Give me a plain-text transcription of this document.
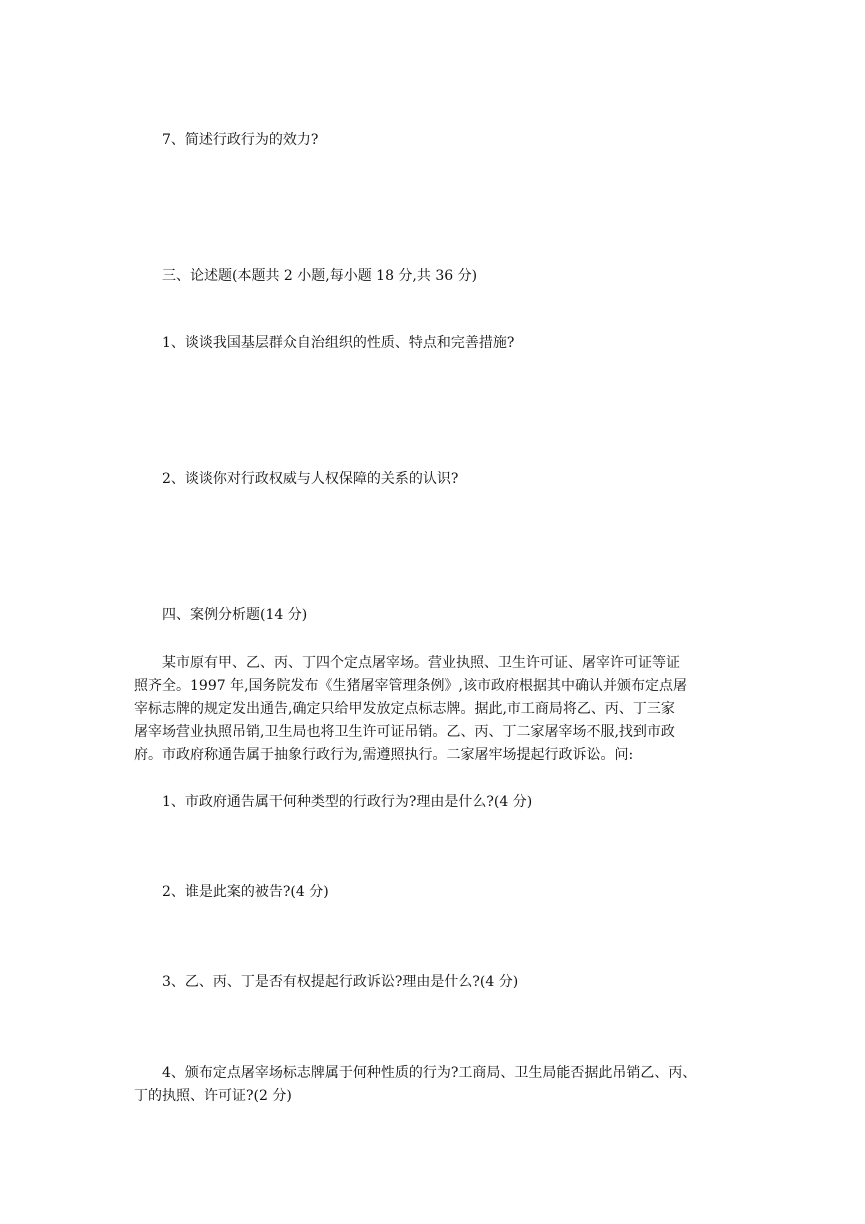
7、简述行政行为的效力?
三、论述题(本题共 2 小题,每小题 18 分,共 36 分)
1、谈谈我国基层群众自治组织的性质、特点和完善措施?
2、谈谈你对行政权威与人权保障的关系的认识?
四、案例分析题(14 分)
某市原有甲、乙、丙、丁四个定点屠宰场。营业执照、卫生许可证、屠宰许可证等证
照齐全。1997 年,国务院发布《生猪屠宰管理条例》,该市政府根据其中确认并颁布定点屠
宰标志牌的规定发出通告,确定只给甲发放定点标志牌。据此,市工商局将乙、丙、丁三家
屠宰场营业执照吊销,卫生局也将卫生许可证吊销。乙、丙、丁二家屠宰场不服,找到市政
府。市政府称通告属于抽象行政行为,需遵照执行。二家屠牢场提起行政诉讼。问:
1、市政府通告属干何种类型的行政行为?理由是什么?(4 分)
2、谁是此案的被告?(4 分)
3、乙、丙、丁是否有权提起行政诉讼?理由是什么?(4 分)
4、颁布定点屠宰场标志牌属于何种性质的行为?工商局、卫生局能否据此吊销乙、丙、
丁的执照、许可证?(2 分)
